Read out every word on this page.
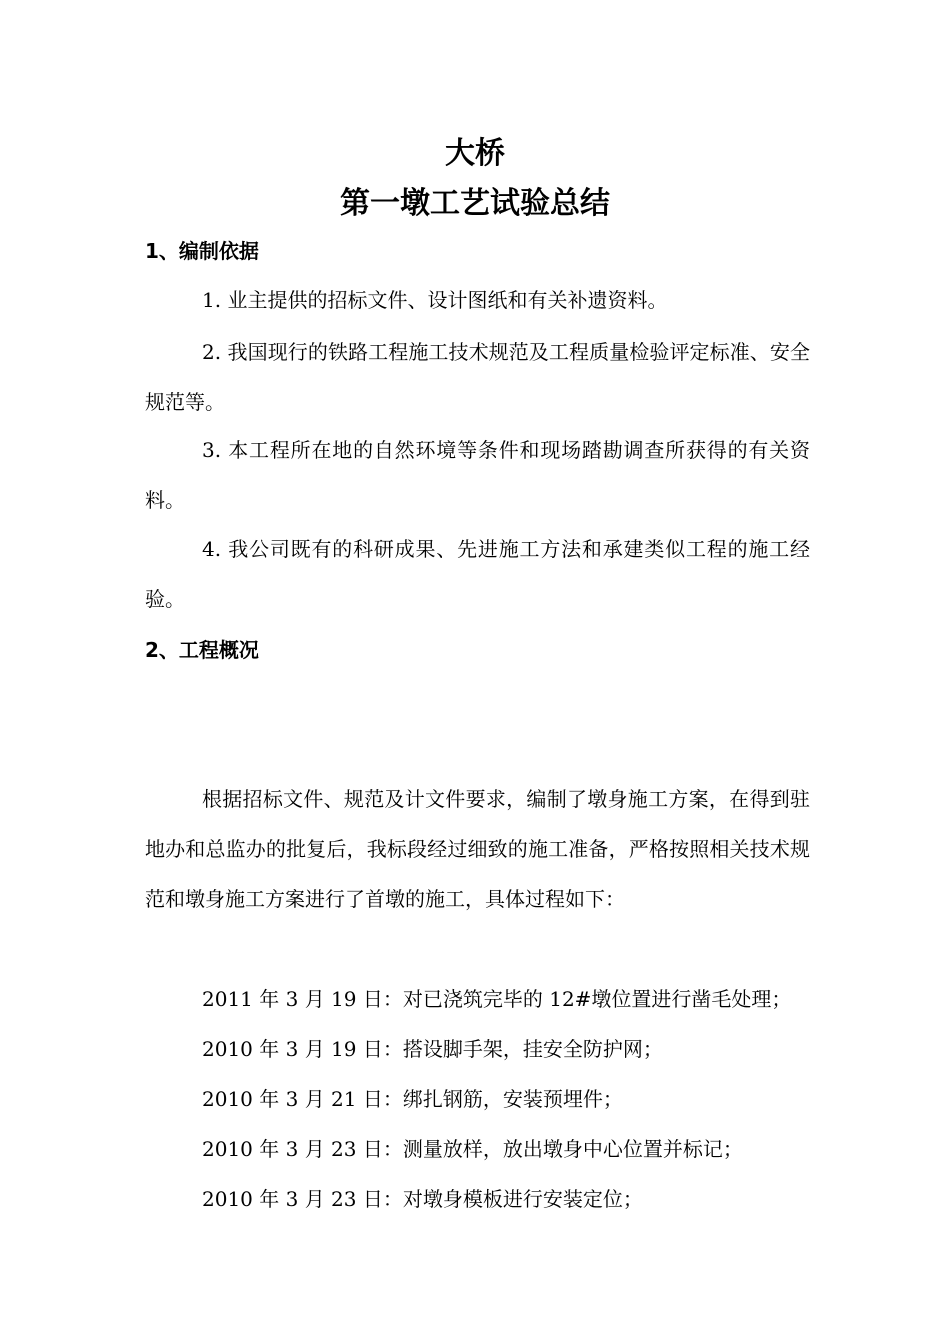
大桥
第一墩工艺试验总结
1、编制依据

1. 业主提供的招标文件、设计图纸和有关补遗资料。

2. 我国现行的铁路工程施工技术规范及工程质量检验评定标准、安全规范等。

3. 本工程所在地的自然环境等条件和现场踏勘调查所获得的有关资料。

4. 我公司既有的科研成果、先进施工方法和承建类似工程的施工经验。

2、工程概况

根据招标文件、规范及计文件要求，编制了墩身施工方案，在得到驻地办和总监办的批复后，我标段经过细致的施工准备，严格按照相关技术规范和墩身施工方案进行了首墩的施工，具体过程如下：

2011 年 3 月 19 日：对已浇筑完毕的 12#墩位置进行凿毛处理；
2010 年 3 月 19 日：搭设脚手架，挂安全防护网；
2010 年 3 月 21 日：绑扎钢筋，安装预埋件；
2010 年 3 月 23 日：测量放样，放出墩身中心位置并标记；
2010 年 3 月 23 日：对墩身模板进行安装定位；
